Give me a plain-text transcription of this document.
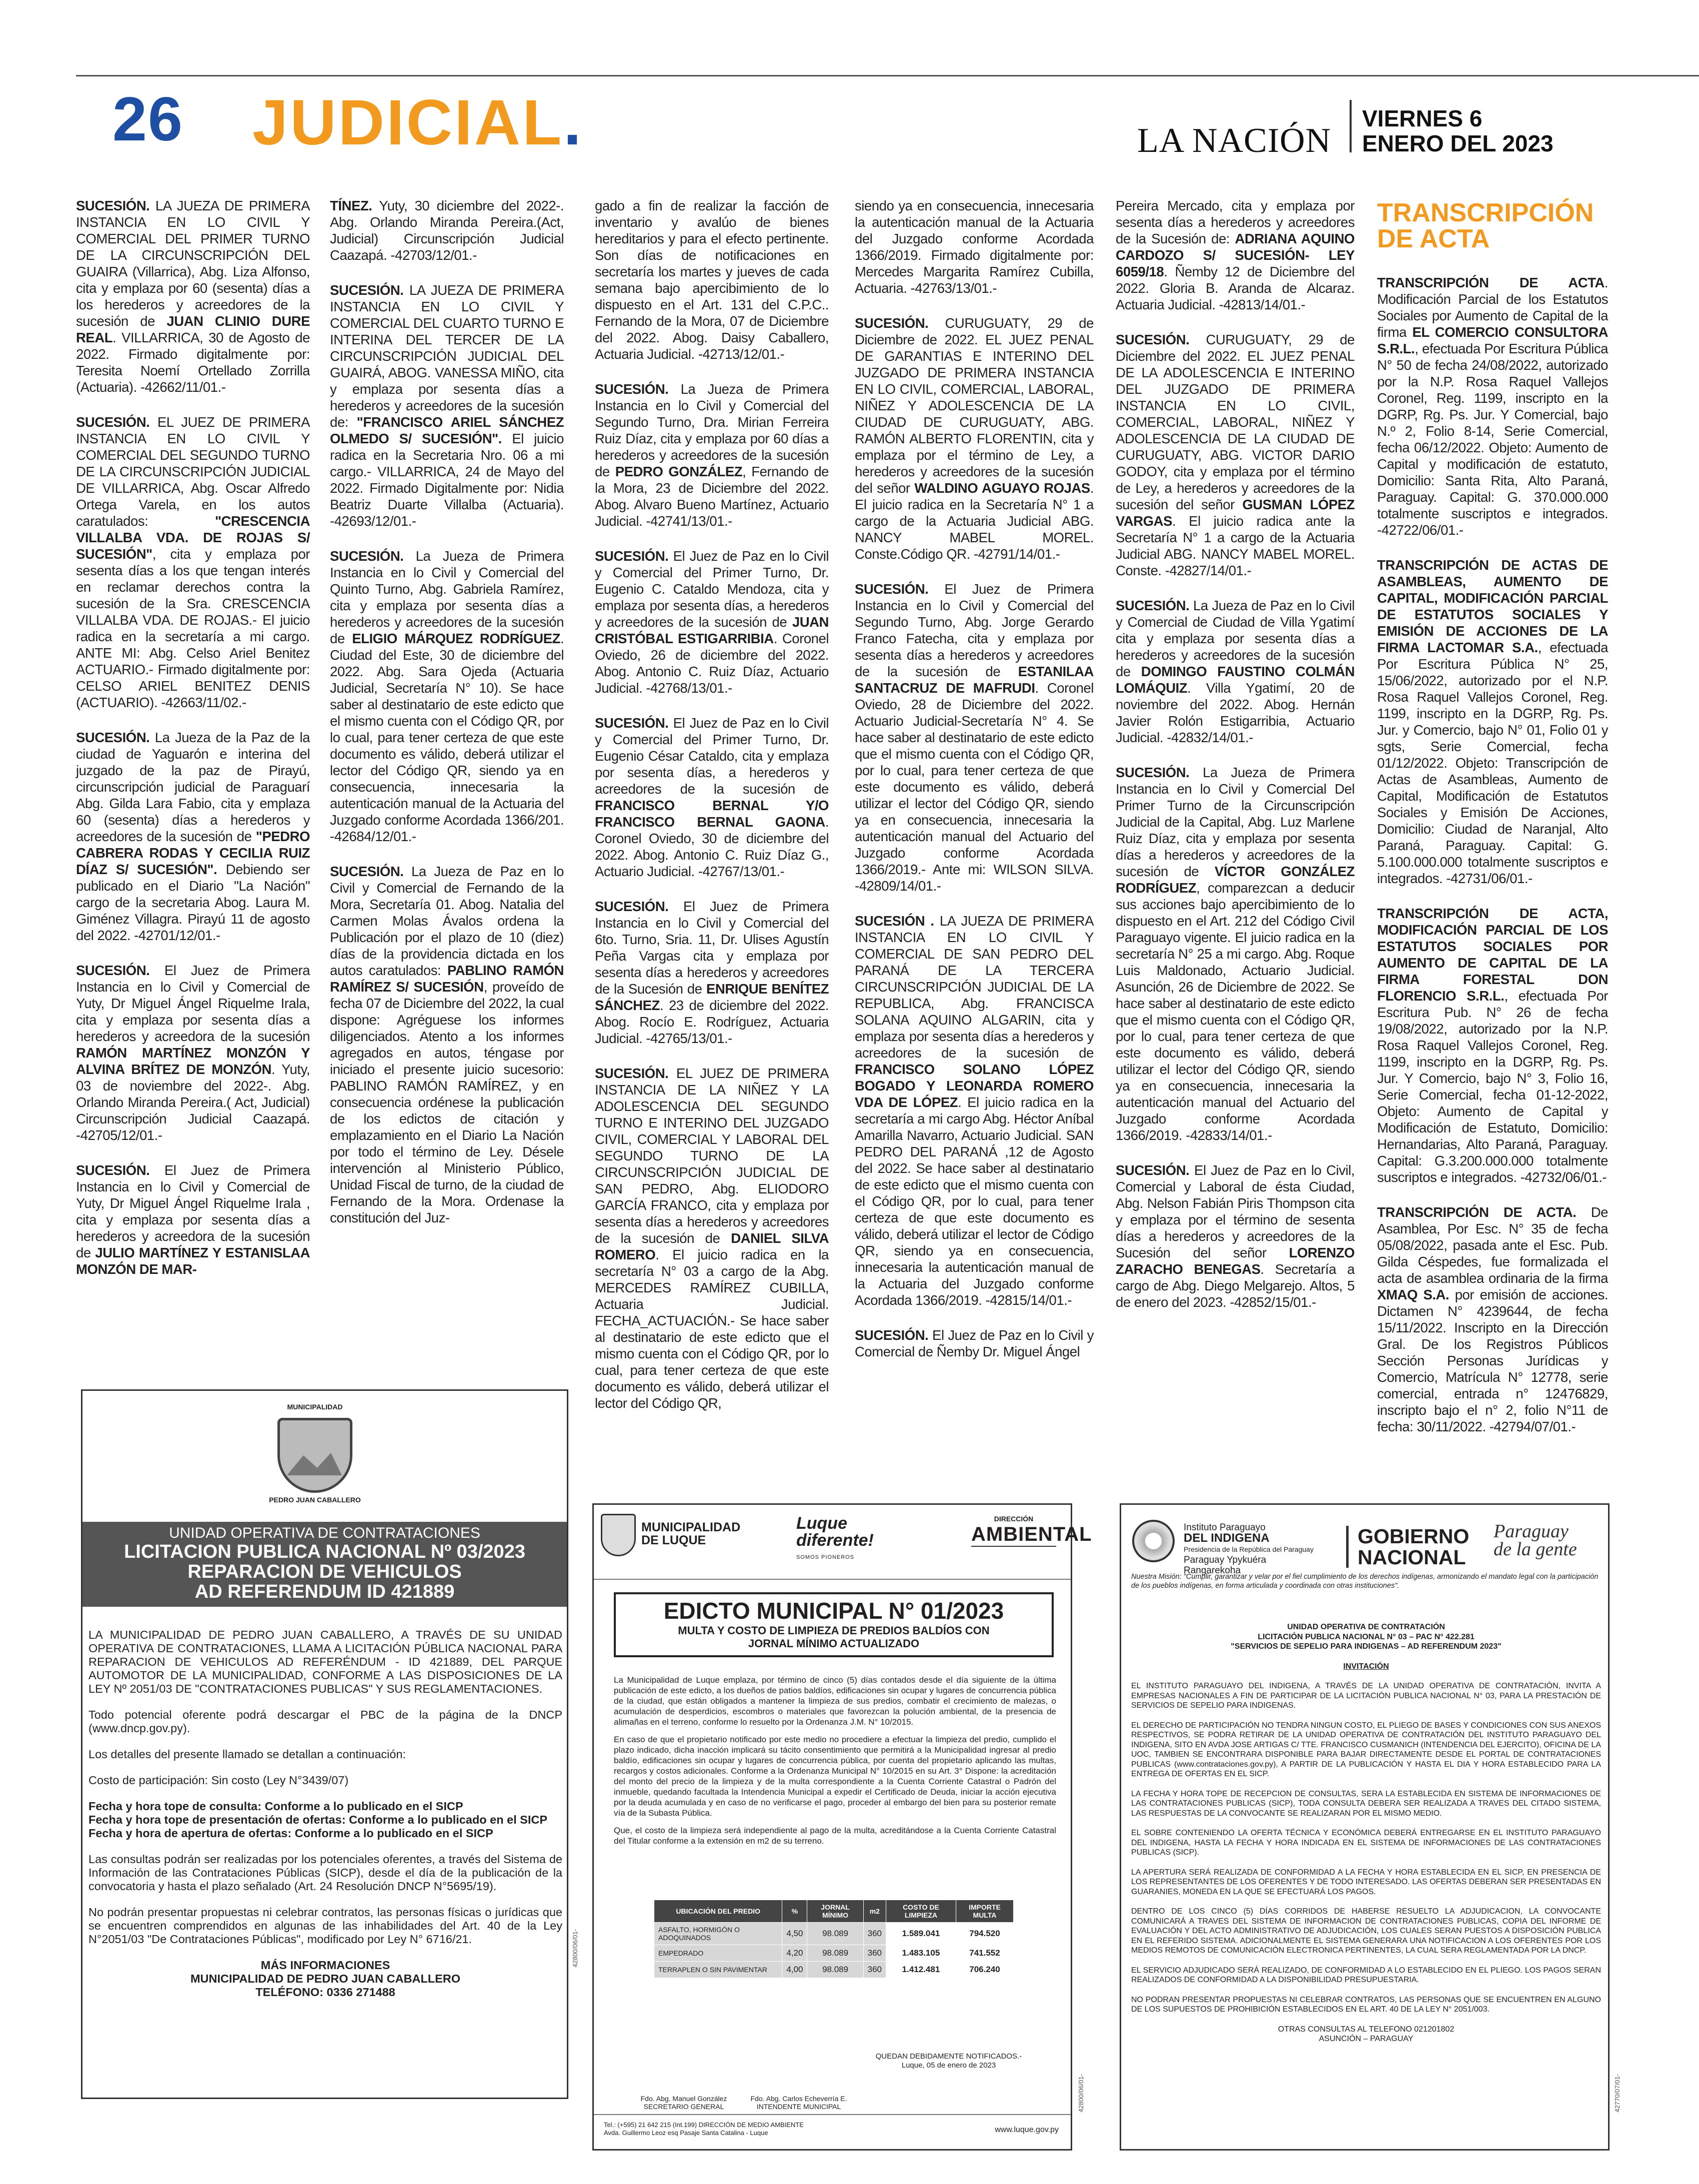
26 JUDICIAL.	LA NACIÓN
VIERNES 6
ENERO DEL 2023

SUCESIÓN. LA JUEZA DE PRIMERA INSTANCIA EN LO CIVIL Y COMERCIAL DEL PRIMER TURNO DE LA CIRCUNSCRIPCIÓN DEL GUAIRA (Villarrica), Abg. Liza Alfonso, cita y emplaza por 60 (sesenta) días a los herederos y acreedores de la sucesión de JUAN CLINIO DURE REAL. VILLARRICA, 30 de Agosto de 2022. Firmado digitalmente por: Teresita Noemí Ortellado Zorrilla (Actuaria). -42662/11/01.-

SUCESIÓN. EL JUEZ DE PRIMERA INSTANCIA EN LO CIVIL Y COMERCIAL DEL SEGUNDO TURNO DE LA CIRCUNSCRIPCIÓN JUDICIAL DE VILLARRICA, Abg. Oscar Alfredo Ortega Varela, en los autos caratulados: "CRESCENCIA VILLALBA VDA. DE ROJAS S/ SUCESIÓN", cita y emplaza por sesenta días a los que tengan interés en reclamar derechos contra la sucesión de la Sra. CRESCENCIA VILLALBA VDA. DE ROJAS.- El juicio radica en la secretaría a mi cargo. ANTE MI: Abg. Celso Ariel Benitez ACTUARIO.- Firmado digitalmente por: CELSO ARIEL BENITEZ DENIS (ACTUARIO). -42663/11/02.-

SUCESIÓN. La Jueza de la Paz de la ciudad de Yaguarón e interina del juzgado de la paz de Pirayú, circunscripción judicial de Paraguarí Abg. Gilda Lara Fabio, cita y emplaza 60 (sesenta) días a herederos y acreedores de la sucesión de "PEDRO CABRERA RODAS Y CECILIA RUIZ DÍAZ S/ SUCESIÓN". Debiendo ser publicado en el Diario "La Nación" cargo de la secretaria Abog. Laura M. Giménez Villagra. Pirayú 11 de agosto del 2022. -42701/12/01.-

SUCESIÓN. El Juez de Primera Instancia en lo Civil y Comercial de Yuty, Dr Miguel Ángel Riquelme Irala, cita y emplaza por sesenta días a herederos y acreedora de la sucesión RAMÓN MARTÍNEZ MONZÓN Y ALVINA BRÍTEZ DE MONZÓN. Yuty, 03 de noviembre del 2022-. Abg. Orlando Miranda Pereira.( Act, Judicial) Circunscripción Judicial Caazapá. -42705/12/01.-

SUCESIÓN. El Juez de Primera Instancia en lo Civil y Comercial de Yuty, Dr Miguel Ángel Riquelme Irala , cita y emplaza por sesenta días a herederos y acreedora de la sucesión de JULIO MARTÍNEZ Y ESTANISLAA MONZÓN DE MAR-

TÍNEZ. Yuty, 30 diciembre del 2022-. Abg. Orlando Miranda Pereira.(Act, Judicial) Circunscripción Judicial Caazapá. -42703/12/01.-

SUCESIÓN. LA JUEZA DE PRIMERA INSTANCIA EN LO CIVIL Y COMERCIAL DEL CUARTO TURNO E INTERINA DEL TERCER DE LA CIRCUNSCRIPCIÓN JUDICIAL DEL GUAIRÁ, ABOG. VANESSA MIÑO, cita y emplaza por sesenta días a herederos y acreedores de la sucesión de: "FRANCISCO ARIEL SÁNCHEZ OLMEDO S/ SUCESIÓN". El juicio radica en la Secretaria Nro. 06 a mi cargo.- VILLARRICA, 24 de Mayo del 2022. Firmado Digitalmente por: Nidia Beatriz Duarte Villalba (Actuaria). -42693/12/01.-

SUCESIÓN. La Jueza de Primera Instancia en lo Civil y Comercial del Quinto Turno, Abg. Gabriela Ramírez, cita y emplaza por sesenta días a herederos y acreedores de la sucesión de ELIGIO MÁRQUEZ RODRÍGUEZ. Ciudad del Este, 30 de diciembre del 2022. Abg. Sara Ojeda (Actuaria Judicial, Secretaría N° 10). Se hace saber al destinatario de este edicto que el mismo cuenta con el Código QR, por lo cual, para tener certeza de que este documento es válido, deberá utilizar el lector del Código QR, siendo ya en consecuencia, innecesaria la autenticación manual de la Actuaria del Juzgado conforme Acordada 1366/201. -42684/12/01.-

SUCESIÓN. La Jueza de Paz en lo Civil y Comercial de Fernando de la Mora, Secretaría 01. Abog. Natalia del Carmen Molas Ávalos ordena la Publicación por el plazo de 10 (diez) días de la providencia dictada en los autos caratulados: PABLINO RAMÓN RAMÍREZ S/ SUCESIÓN, proveído de fecha 07 de Diciembre del 2022, la cual dispone: Agréguese los informes diligenciados. Atento a los informes agregados en autos, téngase por iniciado el presente juicio sucesorio: PABLINO RAMÓN RAMÍREZ, y en consecuencia ordénese la publicación de los edictos de citación y emplazamiento en el Diario La Nación por todo el término de Ley. Désele intervención al Ministerio Público, Unidad Fiscal de turno, de la ciudad de Fernando de la Mora. Ordenase la constitución del Juz-

gado a fin de realizar la facción de inventario y avalúo de bienes hereditarios y para el efecto pertinente. Son días de notificaciones en secretaría los martes y jueves de cada semana bajo apercibimiento de lo dispuesto en el Art. 131 del C.P.C.. Fernando de la Mora, 07 de Diciembre del 2022. Abog. Daisy Caballero, Actuaria Judicial. -42713/12/01.-

SUCESIÓN. La Jueza de Primera Instancia en lo Civil y Comercial del Segundo Turno, Dra. Mirian Ferreira Ruiz Díaz, cita y emplaza por 60 días a herederos y acreedores de la sucesión de PEDRO GONZÁLEZ, Fernando de la Mora, 23 de Diciembre del 2022. Abog. Alvaro Bueno Martínez, Actuario Judicial. -42741/13/01.-

SUCESIÓN. El Juez de Paz en lo Civil y Comercial del Primer Turno, Dr. Eugenio C. Cataldo Mendoza, cita y emplaza por sesenta días, a herederos y acreedores de la sucesión de JUAN CRISTÓBAL ESTIGARRIBIA. Coronel Oviedo, 26 de diciembre del 2022. Abog. Antonio C. Ruiz Díaz, Actuario Judicial. -42768/13/01.-

SUCESIÓN. El Juez de Paz en lo Civil y Comercial del Primer Turno, Dr. Eugenio César Cataldo, cita y emplaza por sesenta días, a herederos y acreedores de la sucesión de FRANCISCO BERNAL Y/O FRANCISCO BERNAL GAONA. Coronel Oviedo, 30 de diciembre del 2022. Abog. Antonio C. Ruiz Díaz G., Actuario Judicial. -42767/13/01.-

SUCESIÓN. El Juez de Primera Instancia en lo Civil y Comercial del 6to. Turno, Sria. 11, Dr. Ulises Agustín Peña Vargas cita y emplaza por sesenta días a herederos y acreedores de la Sucesión de ENRIQUE BENÍTEZ SÁNCHEZ. 23 de diciembre del 2022. Abog. Rocío E. Rodríguez, Actuaria Judicial. -42765/13/01.-

SUCESIÓN. EL JUEZ DE PRIMERA INSTANCIA DE LA NIÑEZ Y LA ADOLESCENCIA DEL SEGUNDO TURNO E INTERINO DEL JUZGADO CIVIL, COMERCIAL Y LABORAL DEL SEGUNDO TURNO DE LA CIRCUNSCRIPCIÓN JUDICIAL DE SAN PEDRO, Abg. ELIODORO GARCÍA FRANCO, cita y emplaza por sesenta días a herederos y acreedores de la sucesión de DANIEL SILVA ROMERO. El juicio radica en la secretaría N° 03 a cargo de la Abg. MERCEDES RAMÍREZ CUBILLA, Actuaria Judicial. FECHA_ACTUACIÓN.- Se hace saber al destinatario de este edicto que el mismo cuenta con el Código QR, por lo cual, para tener certeza de que este documento es válido, deberá utilizar el lector del Código QR,

siendo ya en consecuencia, innecesaria la autenticación manual de la Actuaria del Juzgado conforme Acordada 1366/2019. Firmado digitalmente por: Mercedes Margarita Ramírez Cubilla, Actuaria. -42763/13/01.-

SUCESIÓN. CURUGUATY, 29 de Diciembre de 2022. EL JUEZ PENAL DE GARANTIAS E INTERINO DEL JUZGADO DE PRIMERA INSTANCIA EN LO CIVIL, COMERCIAL, LABORAL, NIÑEZ Y ADOLESCENCIA DE LA CIUDAD DE CURUGUATY, ABG. RAMÓN ALBERTO FLORENTIN, cita y emplaza por el término de Ley, a herederos y acreedores de la sucesión del señor WALDINO AGUAYO ROJAS. El juicio radica en la Secretaría N° 1 a cargo de la Actuaria Judicial ABG. NANCY MABEL MOREL. Conste.Código QR. -42791/14/01.-

SUCESIÓN. El Juez de Primera Instancia en lo Civil y Comercial del Segundo Turno, Abg. Jorge Gerardo Franco Fatecha, cita y emplaza por sesenta días a herederos y acreedores de la sucesión de ESTANILAA SANTACRUZ DE MAFRUDI. Coronel Oviedo, 28 de Diciembre del 2022. Actuario Judicial-Secretaría N° 4. Se hace saber al destinatario de este edicto que el mismo cuenta con el Código QR, por lo cual, para tener certeza de que este documento es válido, deberá utilizar el lector del Código QR, siendo ya en consecuencia, innecesaria la autenticación manual del Actuario del Juzgado conforme Acordada 1366/2019.- Ante mi: WILSON SILVA. -42809/14/01.-

SUCESIÓN . LA JUEZA DE PRIMERA INSTANCIA EN LO CIVIL Y COMERCIAL DE SAN PEDRO DEL PARANÁ DE LA TERCERA CIRCUNSCRIPCIÓN JUDICIAL DE LA REPUBLICA, Abg. FRANCISCA SOLANA AQUINO ALGARIN, cita y emplaza por sesenta días a herederos y acreedores de la sucesión de FRANCISCO SOLANO LÓPEZ BOGADO Y LEONARDA ROMERO VDA DE LÓPEZ. El juicio radica en la secretaría a mi cargo Abg. Héctor Aníbal Amarilla Navarro, Actuario Judicial. SAN PEDRO DEL PARANÁ ,12 de Agosto del 2022. Se hace saber al destinatario de este edicto que el mismo cuenta con el Código QR, por lo cual, para tener certeza de que este documento es válido, deberá utilizar el lector de Código QR, siendo ya en consecuencia, innecesaria la autenticación manual de la Actuaria del Juzgado conforme Acordada 1366/2019. -42815/14/01.-

SUCESIÓN. El Juez de Paz en lo Civil y Comercial de Ñemby Dr. Miguel Ángel

Pereira Mercado, cita y emplaza por sesenta días a herederos y acreedores de la Sucesión de: ADRIANA AQUINO CARDOZO S/ SUCESIÓN- LEY 6059/18. Ñemby 12 de Diciembre del 2022. Gloria B. Aranda de Alcaraz. Actuaria Judicial. -42813/14/01.-

SUCESIÓN. CURUGUATY, 29 de Diciembre del 2022. EL JUEZ PENAL DE LA ADOLESCENCIA E INTERINO DEL JUZGADO DE PRIMERA INSTANCIA EN LO CIVIL, COMERCIAL, LABORAL, NIÑEZ Y ADOLESCENCIA DE LA CIUDAD DE CURUGUATY, ABG. VICTOR DARIO GODOY, cita y emplaza por el término de Ley, a herederos y acreedores de la sucesión del señor GUSMAN LÓPEZ VARGAS. El juicio radica ante la Secretaría N° 1 a cargo de la Actuaria Judicial ABG. NANCY MABEL MOREL. Conste. -42827/14/01.-

SUCESIÓN. La Jueza de Paz en lo Civil y Comercial de Ciudad de Villa Ygatimí cita y emplaza por sesenta días a herederos y acreedores de la sucesión de DOMINGO FAUSTINO COLMÁN LOMÁQUIZ. Villa Ygatimí, 20 de noviembre del 2022. Abog. Hernán Javier Rolón Estigarribia, Actuario Judicial. -42832/14/01.-

SUCESIÓN. La Jueza de Primera Instancia en lo Civil y Comercial Del Primer Turno de la Circunscripción Judicial de la Capital, Abg. Luz Marlene Ruiz Díaz, cita y emplaza por sesenta días a herederos y acreedores de la sucesión de VÍCTOR GONZÁLEZ RODRÍGUEZ, comparezcan a deducir sus acciones bajo apercibimiento de lo dispuesto en el Art. 212 del Código Civil Paraguayo vigente. El juicio radica en la secretaría N° 25 a mi cargo. Abg. Roque Luis Maldonado, Actuario Judicial. Asunción, 26 de Diciembre de 2022. Se hace saber al destinatario de este edicto que el mismo cuenta con el Código QR, por lo cual, para tener certeza de que este documento es válido, deberá utilizar el lector del Código QR, siendo ya en consecuencia, innecesaria la autenticación manual del Actuario del Juzgado conforme Acordada 1366/2019. -42833/14/01.-

SUCESIÓN. El Juez de Paz en lo Civil, Comercial y Laboral de ésta Ciudad, Abg. Nelson Fabián Piris Thompson cita y emplaza por el término de sesenta días a herederos y acreedores de la Sucesión del señor LORENZO ZARACHO BENEGAS. Secretaría a cargo de Abg. Diego Melgarejo. Altos, 5 de enero del 2023. -42852/15/01.-

TRANSCRIPCIÓN DE ACTA

TRANSCRIPCIÓN DE ACTA. Modificación Parcial de los Estatutos Sociales por Aumento de Capital de la firma EL COMERCIO CONSULTORA S.R.L., efectuada Por Escritura Pública N° 50 de fecha 24/08/2022, autorizado por la N.P. Rosa Raquel Vallejos Coronel, Reg. 1199, inscripto en la DGRP, Rg. Ps. Jur. Y Comercial, bajo N.º 2, Folio 8-14, Serie Comercial, fecha 06/12/2022. Objeto: Aumento de Capital y modificación de estatuto, Domicilio: Santa Rita, Alto Paraná, Paraguay. Capital: G. 370.000.000 totalmente suscriptos e integrados. -42722/06/01.-

TRANSCRIPCIÓN DE ACTAS DE ASAMBLEAS, AUMENTO DE CAPITAL, MODIFICACIÓN PARCIAL DE ESTATUTOS SOCIALES Y EMISIÓN DE ACCIONES DE LA FIRMA LACTOMAR S.A., efectuada Por Escritura Pública N° 25, 15/06/2022, autorizado por el N.P. Rosa Raquel Vallejos Coronel, Reg. 1199, inscripto en la DGRP, Rg. Ps. Jur. y Comercio, bajo N° 01, Folio 01 y sgts, Serie Comercial, fecha 01/12/2022. Objeto: Transcripción de Actas de Asambleas, Aumento de Capital, Modificación de Estatutos Sociales y Emisión De Acciones, Domicilio: Ciudad de Naranjal, Alto Paraná, Paraguay. Capital: G. 5.100.000.000 totalmente suscriptos e integrados. -42731/06/01.-

TRANSCRIPCIÓN DE ACTA, MODIFICACIÓN PARCIAL DE LOS ESTATUTOS SOCIALES POR AUMENTO DE CAPITAL DE LA FIRMA FORESTAL DON FLORENCIO S.R.L., efectuada Por Escritura Pub. N° 26 de fecha 19/08/2022, autorizado por la N.P. Rosa Raquel Vallejos Coronel, Reg. 1199, inscripto en la DGRP, Rg. Ps. Jur. Y Comercio, bajo N° 3, Folio 16, Serie Comercial, fecha 01-12-2022, Objeto: Aumento de Capital y Modificación de Estatuto, Domicilio: Hernandarias, Alto Paraná, Paraguay. Capital: G.3.200.000.000 totalmente suscriptos e integrados. -42732/06/01.-

TRANSCRIPCIÓN DE ACTA. De Asamblea, Por Esc. N° 35 de fecha 05/08/2022, pasada ante el Esc. Pub. Gilda Céspedes, fue formalizada el acta de asamblea ordinaria de la firma XMAQ S.A. por emisión de acciones. Dictamen N° 4239644, de fecha 15/11/2022. Inscripto en la Dirección Gral. De los Registros Públicos Sección Personas Jurídicas y Comercio, Matrícula N° 12778, serie comercial, entrada n° 12476829, inscripto bajo el n° 2, folio N°11 de fecha: 30/11/2022. -42794/07/01.-

MUNICIPALIDAD
PEDRO JUAN CABALLERO
UNIDAD OPERATIVA DE CONTRATACIONES
LICITACION PUBLICA NACIONAL Nº 03/2023
REPARACION DE VEHICULOS
AD REFERENDUM ID 421889

LA MUNICIPALIDAD DE PEDRO JUAN CABALLERO, A TRAVÉS DE SU UNIDAD OPERATIVA DE CONTRATACIONES, LLAMA A LICITACIÓN PÚBLICA NACIONAL PARA REPARACION DE VEHICULOS AD REFERÉNDUM - ID 421889, DEL PARQUE AUTOMOTOR DE LA MUNICIPALIDAD, CONFORME A LAS DISPOSICIONES DE LA LEY Nº 2051/03 DE "CONTRATACIONES PUBLICAS" Y SUS REGLAMENTACIONES.

Todo potencial oferente podrá descargar el PBC de la página de la DNCP (www.dncp.gov.py).

Los detalles del presente llamado se detallan a continuación:

Costo de participación: Sin costo (Ley N°3439/07)

Fecha y hora tope de consulta: Conforme a lo publicado en el SICP
Fecha y hora tope de presentación de ofertas: Conforme a lo publicado en el SICP
Fecha y hora de apertura de ofertas: Conforme a lo publicado en el SICP

Las consultas podrán ser realizadas por los potenciales oferentes, a través del Sistema de Información de las Contrataciones Públicas (SICP), desde el día de la publicación de la convocatoria y hasta el plazo señalado (Art. 24 Resolución DNCP N°5695/19).

No podrán presentar propuestas ni celebrar contratos, las personas físicas o jurídicas que se encuentren comprendidos en algunas de las inhabilidades del Art. 40 de la Ley N°2051/03 "De Contrataciones Públicas", modificado por Ley N° 6716/21.

MÁS INFORMACIONES
MUNICIPALIDAD DE PEDRO JUAN CABALLERO
TELÉFONO: 0336 271488
42800/06/01-
MUNICIPALIDAD
DE LUQUE
Luque
diferente!
SOMOS PIONEROS
DIRECCIÓN
AMBIENTAL
EDICTO MUNICIPAL N° 01/2023
MULTA Y COSTO DE LIMPIEZA DE PREDIOS BALDÍOS CON
JORNAL MÍNIMO ACTUALIZADO

La Municipalidad de Luque emplaza, por término de cinco (5) días contados desde el día siguiente de la última publicación de este edicto, a los dueños de patios baldíos, edificaciones sin ocupar y lugares de concurrencia pública de la ciudad, que están obligados a mantener la limpieza de sus predios, combatir el crecimiento de malezas, o acumulación de desperdicios, escombros o materiales que favorezcan la polución ambiental, de la presencia de alimañas en el terreno, conforme lo resuelto por la Ordenanza J.M. N° 10/2015.

En caso de que el propietario notificado por este medio no procediere a efectuar la limpieza del predio, cumplido el plazo indicado, dicha inacción implicará su tácito consentimiento que permitirá a la Municipalidad ingresar al predio baldío, edificaciones sin ocupar y lugares de concurrencia pública, por cuenta del propietario aplicando las multas, recargos y costos adicionales. Conforme a la Ordenanza Municipal N° 10/2015 en su Art. 3° Dispone: la acreditación del monto del precio de la limpieza y de la multa correspondiente a la Cuenta Corriente Catastral o Padrón del inmueble, quedando facultada la Intendencia Municipal a expedir el Certificado de Deuda, iniciar la acción ejecutiva por la deuda acumulada y en caso de no verificarse el pago, proceder al embargo del bien para su posterior remate vía de la Subasta Pública.

Que, el costo de la limpieza será independiente al pago de la multa, acreditándose a la Cuenta Corriente Catastral del Titular conforme a la extensión en m2 de su terreno.

UBICACIÓN DEL PREDIO	%	JORNAL MÍNIMO	m2	COSTO DE LIMPIEZA	IMPORTE MULTA
ASFALTO, HORMIGÓN O ADOQUINADOS	4,50	98.089	360	1.589.041	794.520
EMPEDRADO	4,20	98.089	360	1.483.105	741.552
TERRAPLEN O SIN PAVIMENTAR	4,00	98.089	360	1.412.481	706.240
QUEDAN DEBIDAMENTE NOTIFICADOS.-
Luque, 05 de enero de 2023
Fdo. Abg. Manuel González
SECRETARIO GENERAL
Fdo. Abg. Carlos Echeverría E.
INTENDENTE MUNICIPAL
Tel.: (+595) 21 642 215 (Int.199) DIRECCIÓN DE MEDIO AMBIENTE
Avda. Guillermo Leoz esq Pasaje Santa Catalina - Luque	www.luque.gov.py
42800/06/01-
Instituto Paraguayo
DEL INDIGENA
Presidencia de la República del Paraguay
Paraguay Ypykuéra
Rangarekoha
GOBIERNO
NACIONAL
Paraguay
de la gente
Nuestra Misión: "Cumplir, garantizar y velar por el fiel cumplimiento de los derechos indígenas, armonizando el mandato legal con la participación de los pueblos indígenas, en forma articulada y coordinada con otras instituciones".

UNIDAD OPERATIVA DE CONTRATACIÓN

LICITACIÓN PUBLICA NACIONAL N° 03 – PAC N° 422.281

"SERVICIOS DE SEPELIO PARA INDIGENAS – AD REFERENDUM 2023"

INVITACIÓN

EL INSTITUTO PARAGUAYO DEL INDIGENA, A TRAVÉS DE LA UNIDAD OPERATIVA DE CONTRATACIÓN, INVITA A EMPRESAS NACIONALES A FIN DE PARTICIPAR DE LA LICITACIÓN PUBLICA NACIONAL N° 03, PARA LA PRESTACIÓN DE SERVICIOS DE SEPELIO PARA INDIGENAS.

EL DERECHO DE PARTICIPACIÓN NO TENDRA NINGUN COSTO, EL PLIEGO DE BASES Y CONDICIONES CON SUS ANEXOS RESPECTIVOS, SE PODRA RETIRAR DE LA UNIDAD OPERATIVA DE CONTRATACIÓN DEL INSTITUTO PARAGUAYO DEL INDIGENA, SITO EN AVDA JOSE ARTIGAS C/ TTE. FRANCISCO CUSMANICH (INTENDENCIA DEL EJERCITO), OFICINA DE LA UOC, TAMBIEN SE ENCONTRARA DISPONIBLE PARA BAJAR DIRECTAMENTE DESDE EL PORTAL DE CONTRATACIONES PUBLICAS (www.contrataciones.gov.py), A PARTIR DE LA PUBLICACIÓN Y HASTA EL DIA Y HORA ESTABLECIDO PARA LA ENTREGA DE OFERTAS EN EL SICP.

LA FECHA Y HORA TOPE DE RECEPCION DE CONSULTAS, SERA LA ESTABLECIDA EN SISTEMA DE INFORMACIONES DE LAS CONTRATACIONES PUBLICAS (SICP), TODA CONSULTA DEBERA SER REALIZADA A TRAVES DEL CITADO SISTEMA, LAS RESPUESTAS DE LA CONVOCANTE SE REALIZARAN POR EL MISMO MEDIO.

EL SOBRE CONTENIENDO LA OFERTA TÉCNICA Y ECONÓMICA DEBERÁ ENTREGARSE EN EL INSTITUTO PARAGUAYO DEL INDIGENA, HASTA LA FECHA Y HORA INDICADA EN EL SISTEMA DE INFORMACIONES DE LAS CONTRATACIONES PUBLICAS (SICP).

LA APERTURA SERÁ REALIZADA DE CONFORMIDAD A LA FECHA Y HORA ESTABLECIDA EN EL SICP, EN PRESENCIA DE LOS REPRESENTANTES DE LOS OFERENTES Y DE TODO INTERESADO. LAS OFERTAS DEBERAN SER PRESENTADAS EN GUARANIES, MONEDA EN LA QUE SE EFECTUARÁ LOS PAGOS.

DENTRO DE LOS CINCO (5) DÍAS CORRIDOS DE HABERSE RESUELTO LA ADJUDICACION, LA CONVOCANTE COMUNICARÁ A TRAVES DEL SISTEMA DE INFORMACION DE CONTRATACIONES PUBLICAS, COPIA DEL INFORME DE EVALUACIÓN Y DEL ACTO ADMINISTRATIVO DE ADJUDICACIÓN, LOS CUALES SERAN PUESTOS A DISPOSICIÓN PUBLICA EN EL REFERIDO SISTEMA. ADICIONALMENTE EL SISTEMA GENERARA UNA NOTIFICACION A LOS OFERENTES POR LOS MEDIOS REMOTOS DE COMUNICACIÓN ELECTRONICA PERTINENTES, LA CUAL SERA REGLAMENTADA POR LA DNCP.

EL SERVICIO ADJUDICADO SERÁ REALIZADO, DE CONFORMIDAD A LO ESTABLECIDO EN EL PLIEGO. LOS PAGOS SERAN REALIZADOS DE CONFORMIDAD A LA DISPONIBILIDAD PRESUPUESTARIA.

NO PODRAN PRESENTAR PROPUESTAS NI CELEBRAR CONTRATOS, LAS PERSONAS QUE SE ENCUENTREN EN ALGUNO DE LOS SUPUESTOS DE PROHIBICIÓN ESTABLECIDOS EN EL ART. 40 DE LA LEY N° 2051/003.

OTRAS CONSULTAS AL TELEFONO 021201802

ASUNCIÓN – PARAGUAY

42770/07/01-
